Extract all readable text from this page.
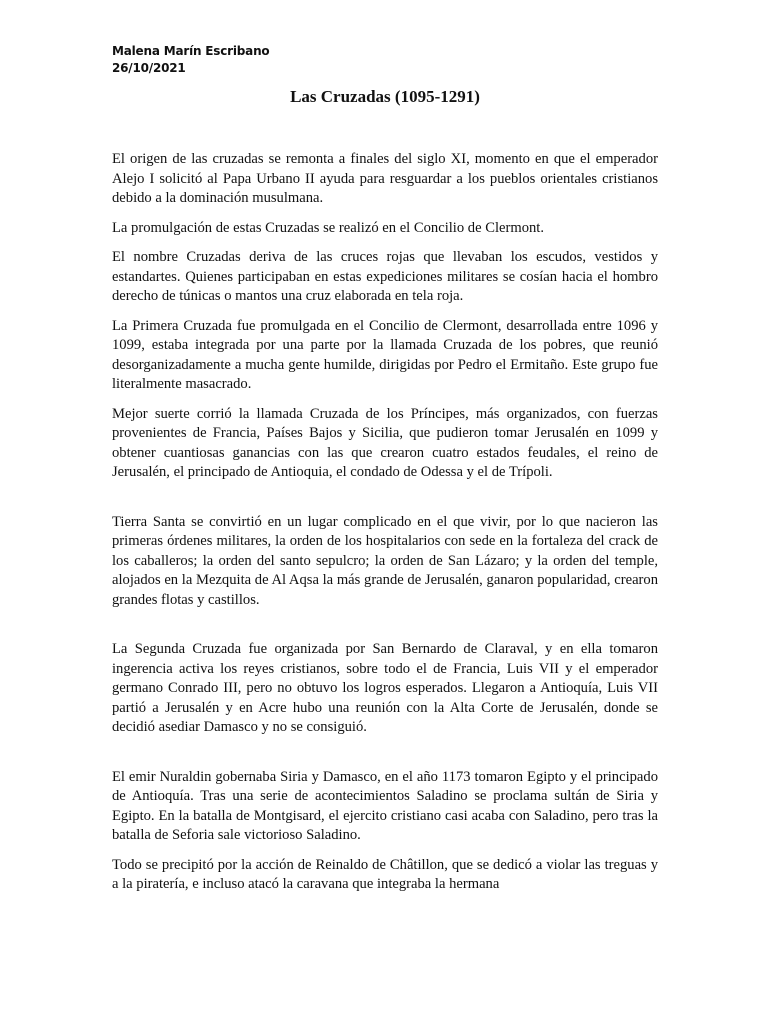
Malena Marín Escribano
26/10/2021
Las Cruzadas (1095-1291)

El origen de las cruzadas se remonta a finales del siglo XI, momento en que el emperador Alejo I solicitó al Papa Urbano II ayuda para resguardar a los pueblos orientales cristianos debido a la dominación musulmana.

La promulgación de estas Cruzadas se realizó en el Concilio de Clermont.

El nombre Cruzadas deriva de las cruces rojas que llevaban los escudos, vestidos y estandartes. Quienes participaban en estas expediciones militares se cosían hacia el hombro derecho de túnicas o mantos una cruz elaborada en tela roja.

La Primera Cruzada fue promulgada en el Concilio de Clermont, desarrollada entre 1096 y 1099, estaba integrada por una parte por la llamada Cruzada de los pobres, que reunió desorganizadamente a mucha gente humilde, dirigidas por Pedro el Ermitaño. Este grupo fue literalmente masacrado.

Mejor suerte corrió la llamada Cruzada de los Príncipes, más organizados, con fuerzas provenientes de Francia, Países Bajos y Sicilia, que pudieron tomar Jerusalén en 1099 y obtener cuantiosas ganancias con las que crearon cuatro estados feudales, el reino de Jerusalén, el principado de Antioquia, el condado de Odessa y el de Trípoli.

Tierra Santa se convirtió en un lugar complicado en el que vivir, por lo que nacieron las primeras órdenes militares, la orden de los hospitalarios con sede en la fortaleza del crack de los caballeros; la orden del santo sepulcro; la orden de San Lázaro; y la orden del temple, alojados en la Mezquita de Al Aqsa la más grande de Jerusalén, ganaron popularidad, crearon grandes flotas y castillos.

La Segunda Cruzada fue organizada por San Bernardo de Claraval, y en ella tomaron ingerencia activa los reyes cristianos, sobre todo el de Francia, Luis VII y el emperador germano Conrado III, pero no obtuvo los logros esperados. Llegaron a Antioquía, Luis VII partió a Jerusalén y en Acre hubo una reunión con la Alta Corte de Jerusalén, donde se decidió asediar Damasco y no se consiguió.

El emir Nuraldin gobernaba Siria y Damasco, en el año 1173 tomaron Egipto y el principado de Antioquía. Tras una serie de acontecimientos Saladino se proclama sultán de Siria y Egipto. En la batalla de Montgisard, el ejercito cristiano casi acaba con Saladino, pero tras la batalla de Seforia sale victorioso Saladino.

Todo se precipitó por la acción de Reinaldo de Châtillon, que se dedicó a violar las treguas y a la piratería, e incluso atacó la caravana que integraba la hermana
